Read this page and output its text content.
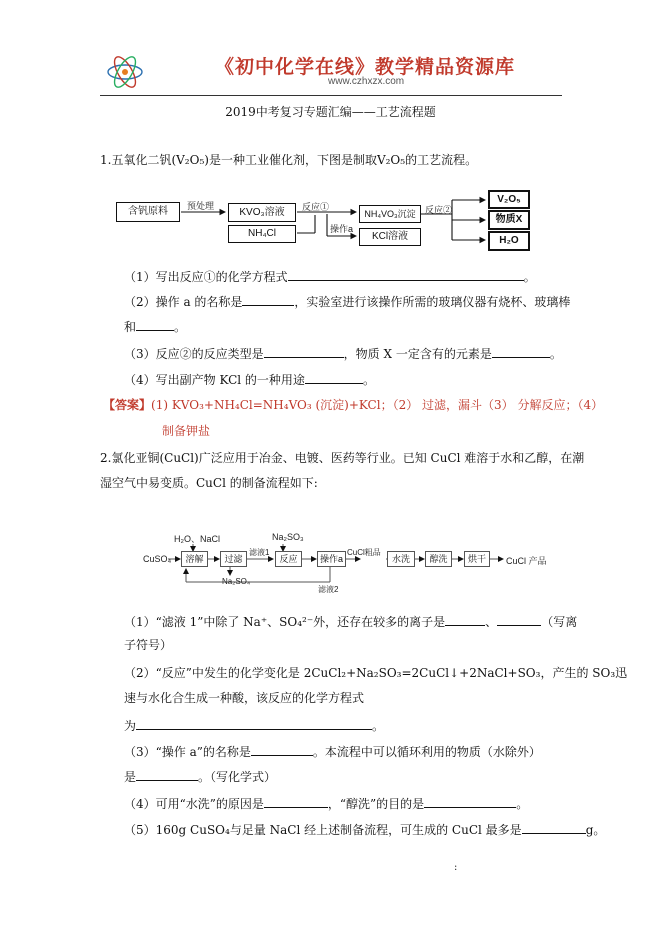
《初中化学在线》教学精品资源库
www.czhxzx.com
2019中考复习专题汇编——工艺流程题
1.五氧化二钒(V₂O₅)是一种工业催化剂，下图是制取V₂O₅的工艺流程。
含钒原料	预处理
KVO₃溶液
NH₄Cl
反应①
操作a
NH₄VO₃沉淀
KCl溶液
反应②
V₂O₅
物质X
H₂O
（1）写出反应①的化学方程式	。
（2）操作 a 的名称是	，实验室进行该操作所需的玻璃仪器有烧杯、玻璃棒
和	。
（3）反应②的反应类型是	，物质 X 一定含有的元素是	。
（4）写出副产物 KCl 的一种用途	。
【答案】(1) KVO₃+NH₄Cl=NH₄VO₃ (沉淀)+KCl；（2） 过滤，漏斗（3） 分解反应；（4）
制备钾盐
2.氯化亚铜(CuCl)广泛应用于冶金、电镀、医药等行业。已知 CuCl 难溶于水和乙醇，在潮
湿空气中易变质。CuCl 的制备流程如下:
H₂O、NaCl
CuSO₄	溶解	过滤
滤液1
Na₂SO₃
反应	操作a
CuCl粗品
水洗	醇洗	烘干	CuCl 产品
Na₂SO₄
滤液2
（1）“滤液 1”中除了 Na⁺、SO₄²⁻外，还存在较多的离子是	、	（写离
子符号）
（2）“反应”中发生的化学变化是 2CuCl₂+Na₂SO₃=2CuCl↓+2NaCl+SO₃，产生的 SO₃迅
速与水化合生成一种酸，该反应的化学方程式
为	。
（3）“操作 a”的名称是	。本流程中可以循环利用的物质（水除外）
是	。（写化学式）
（4）可用“水洗”的原因是	，“醇洗”的目的是	。
（5）160g CuSO₄与足量 NaCl 经上述制备流程，可生成的 CuCl 最多是	g。
:
